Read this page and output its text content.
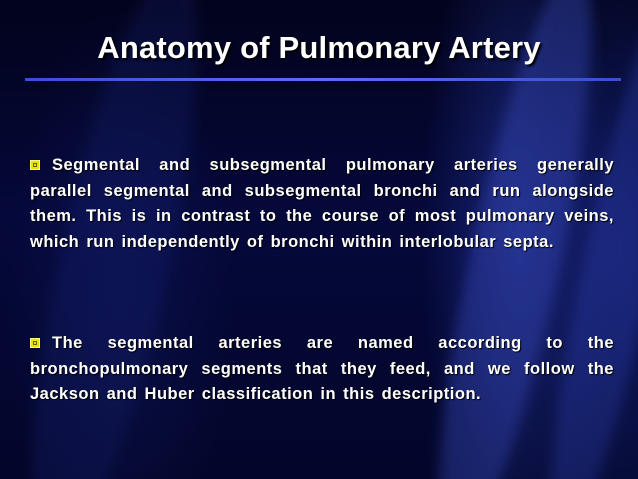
Anatomy of Pulmonary Artery

Segmental and subsegmental pulmonary arteries generally parallel segmental and subsegmental bronchi and run alongside them. This is in contrast to the course of most pulmonary veins, which run independently of bronchi within interlobular septa.

The segmental arteries are named according to the bronchopulmonary segments that they feed, and we follow the Jackson and Huber classification in this description.
